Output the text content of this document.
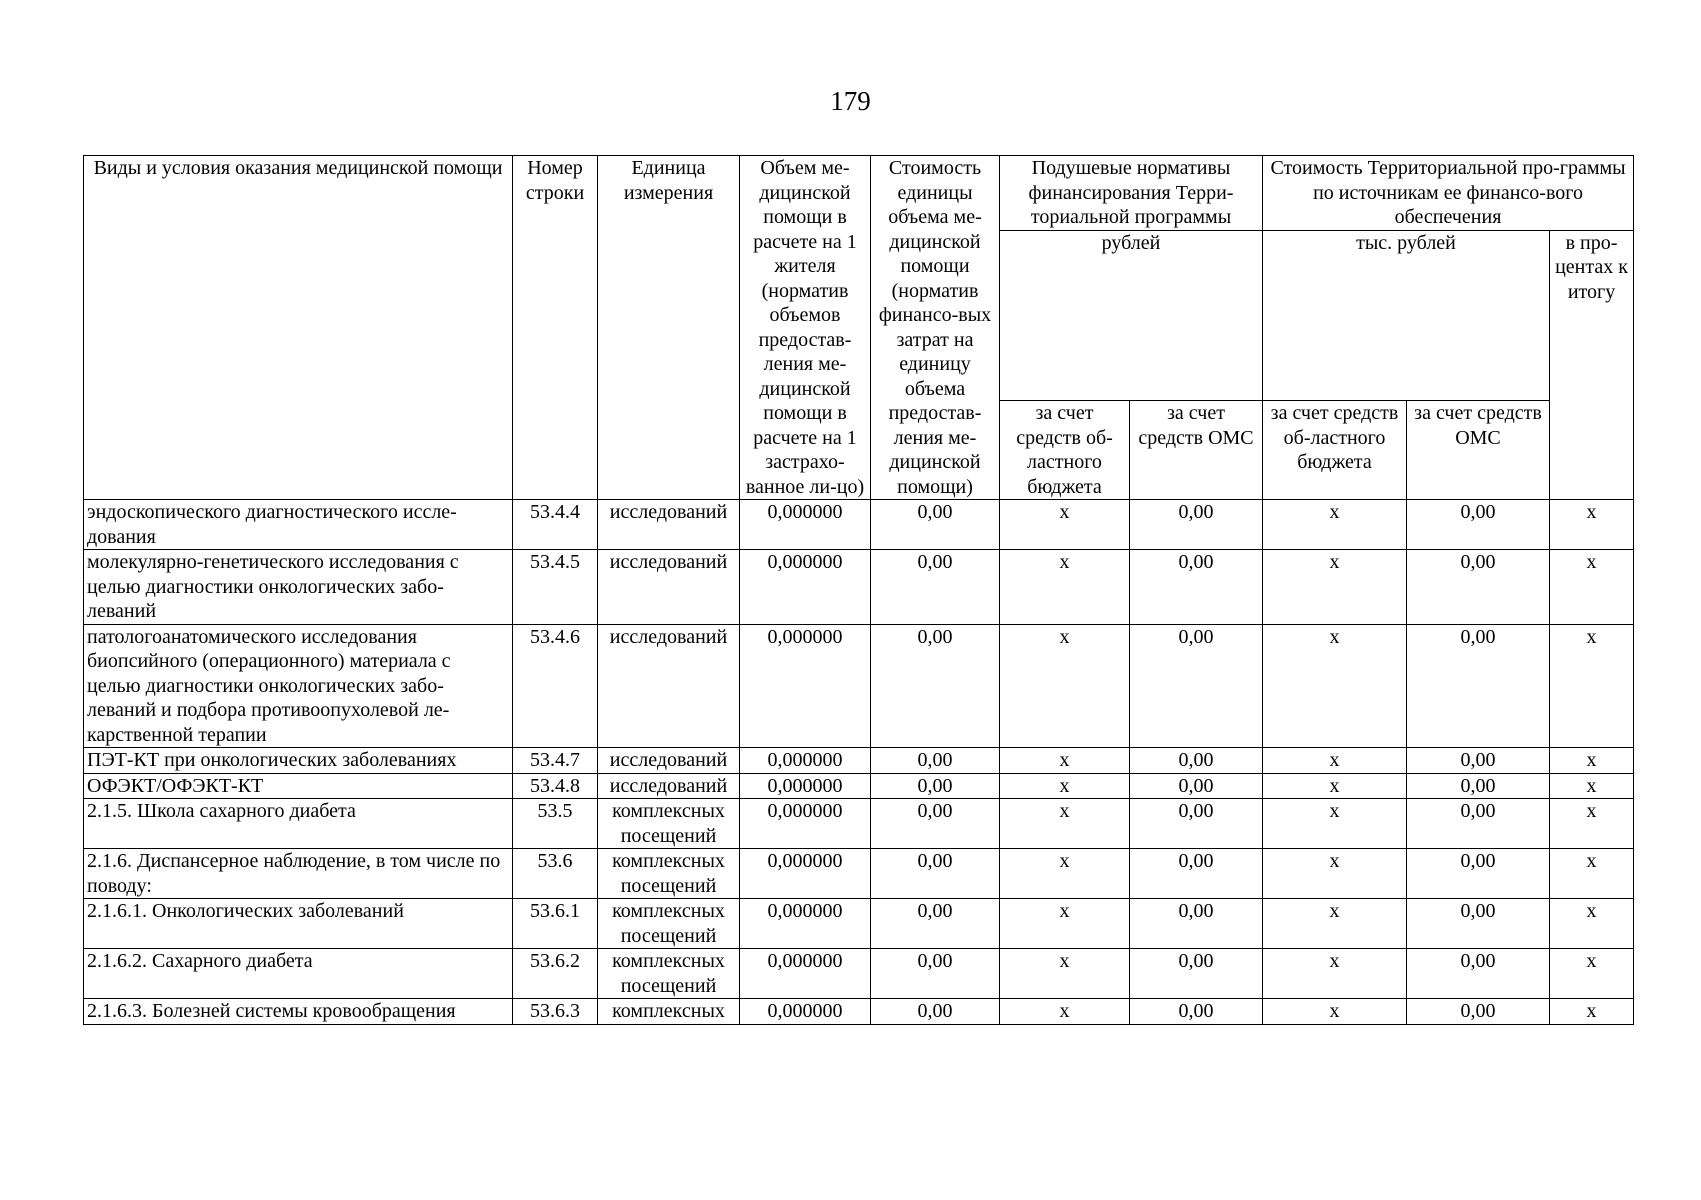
179
Виды и условия оказания медицинской помощи	Номер строки	Единица измерения	Объем ме-дицинской помощи в расчете на 1 жителя (норматив объемов предостав-ления ме-дицинской помощи в расчете на 1 застрахо-ванное ли-цо)	Стоимость единицы объема ме-дицинской помощи (норматив финансо-вых затрат на единицу объема предостав-ления ме-дицинской помощи)	Подушевые нормативы финансирования Терри-ториальной программы		Стоимость Территориальной про-граммы по источникам ее финансо-вого обеспечения		
					рублей		тыс. рублей		в про-центах к итогу
					за счет средств об-ластного бюджета	за счет средств ОМС	за счет средств об-ластного бюджета	за счет средств ОМС	
эндоскопического диагностического иссле-дования	53.4.4	исследований	0,000000	0,00	х	0,00	х	0,00	х
молекулярно-генетического исследования с целью диагностики онкологических забо-леваний	53.4.5	исследований	0,000000	0,00	х	0,00	х	0,00	х
патологоанатомического исследования биопсийного (операционного) материала с целью диагностики онкологических забо-леваний и подбора противоопухолевой ле-карственной терапии	53.4.6	исследований	0,000000	0,00	х	0,00	х	0,00	х
ПЭТ-КТ при онкологических заболеваниях	53.4.7	исследований	0,000000	0,00	х	0,00	х	0,00	х
ОФЭКТ/ОФЭКТ-КТ	53.4.8	исследований	0,000000	0,00	х	0,00	х	0,00	х
2.1.5. Школа сахарного диабета	53.5	комплексных посещений	0,000000	0,00	х	0,00	х	0,00	х
2.1.6. Диспансерное наблюдение, в том числе по поводу:	53.6	комплексных посещений	0,000000	0,00	х	0,00	х	0,00	х
2.1.6.1. Онкологических заболеваний	53.6.1	комплексных посещений	0,000000	0,00	х	0,00	х	0,00	х
2.1.6.2. Сахарного диабета	53.6.2	комплексных посещений	0,000000	0,00	х	0,00	х	0,00	х
2.1.6.3. Болезней системы кровообращения	53.6.3	комплексных	0,000000	0,00	х	0,00	х	0,00	х
